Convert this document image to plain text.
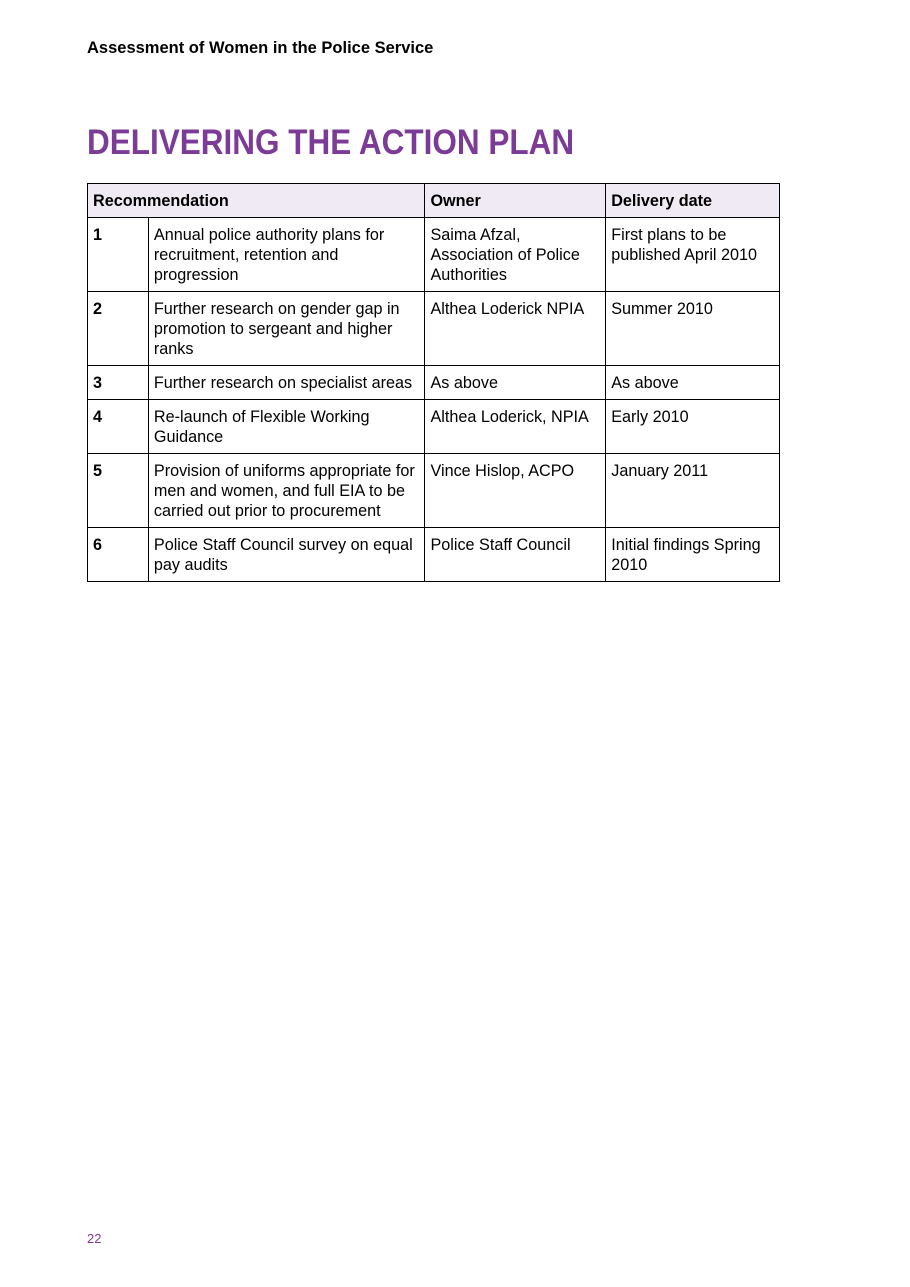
Assessment of Women in the Police Service
DELIVERING THE ACTION PLAN
Recommendation		Owner	Delivery date
1	Annual police authority plans for recruitment, retention and progression	Saima Afzal, Association of Police Authorities	First plans to be published April 2010
2	Further research on gender gap in promotion to sergeant and higher ranks	Althea Loderick NPIA	Summer 2010
3	Further research on specialist areas	As above	As above
4	Re-launch of Flexible Working Guidance	Althea Loderick, NPIA	Early 2010
5	Provision of uniforms appropriate for men and women, and full EIA to be carried out prior to procurement	Vince Hislop, ACPO	January 2011
6	Police Staff Council survey on equal pay audits	Police Staff Council	Initial findings Spring 2010
22
